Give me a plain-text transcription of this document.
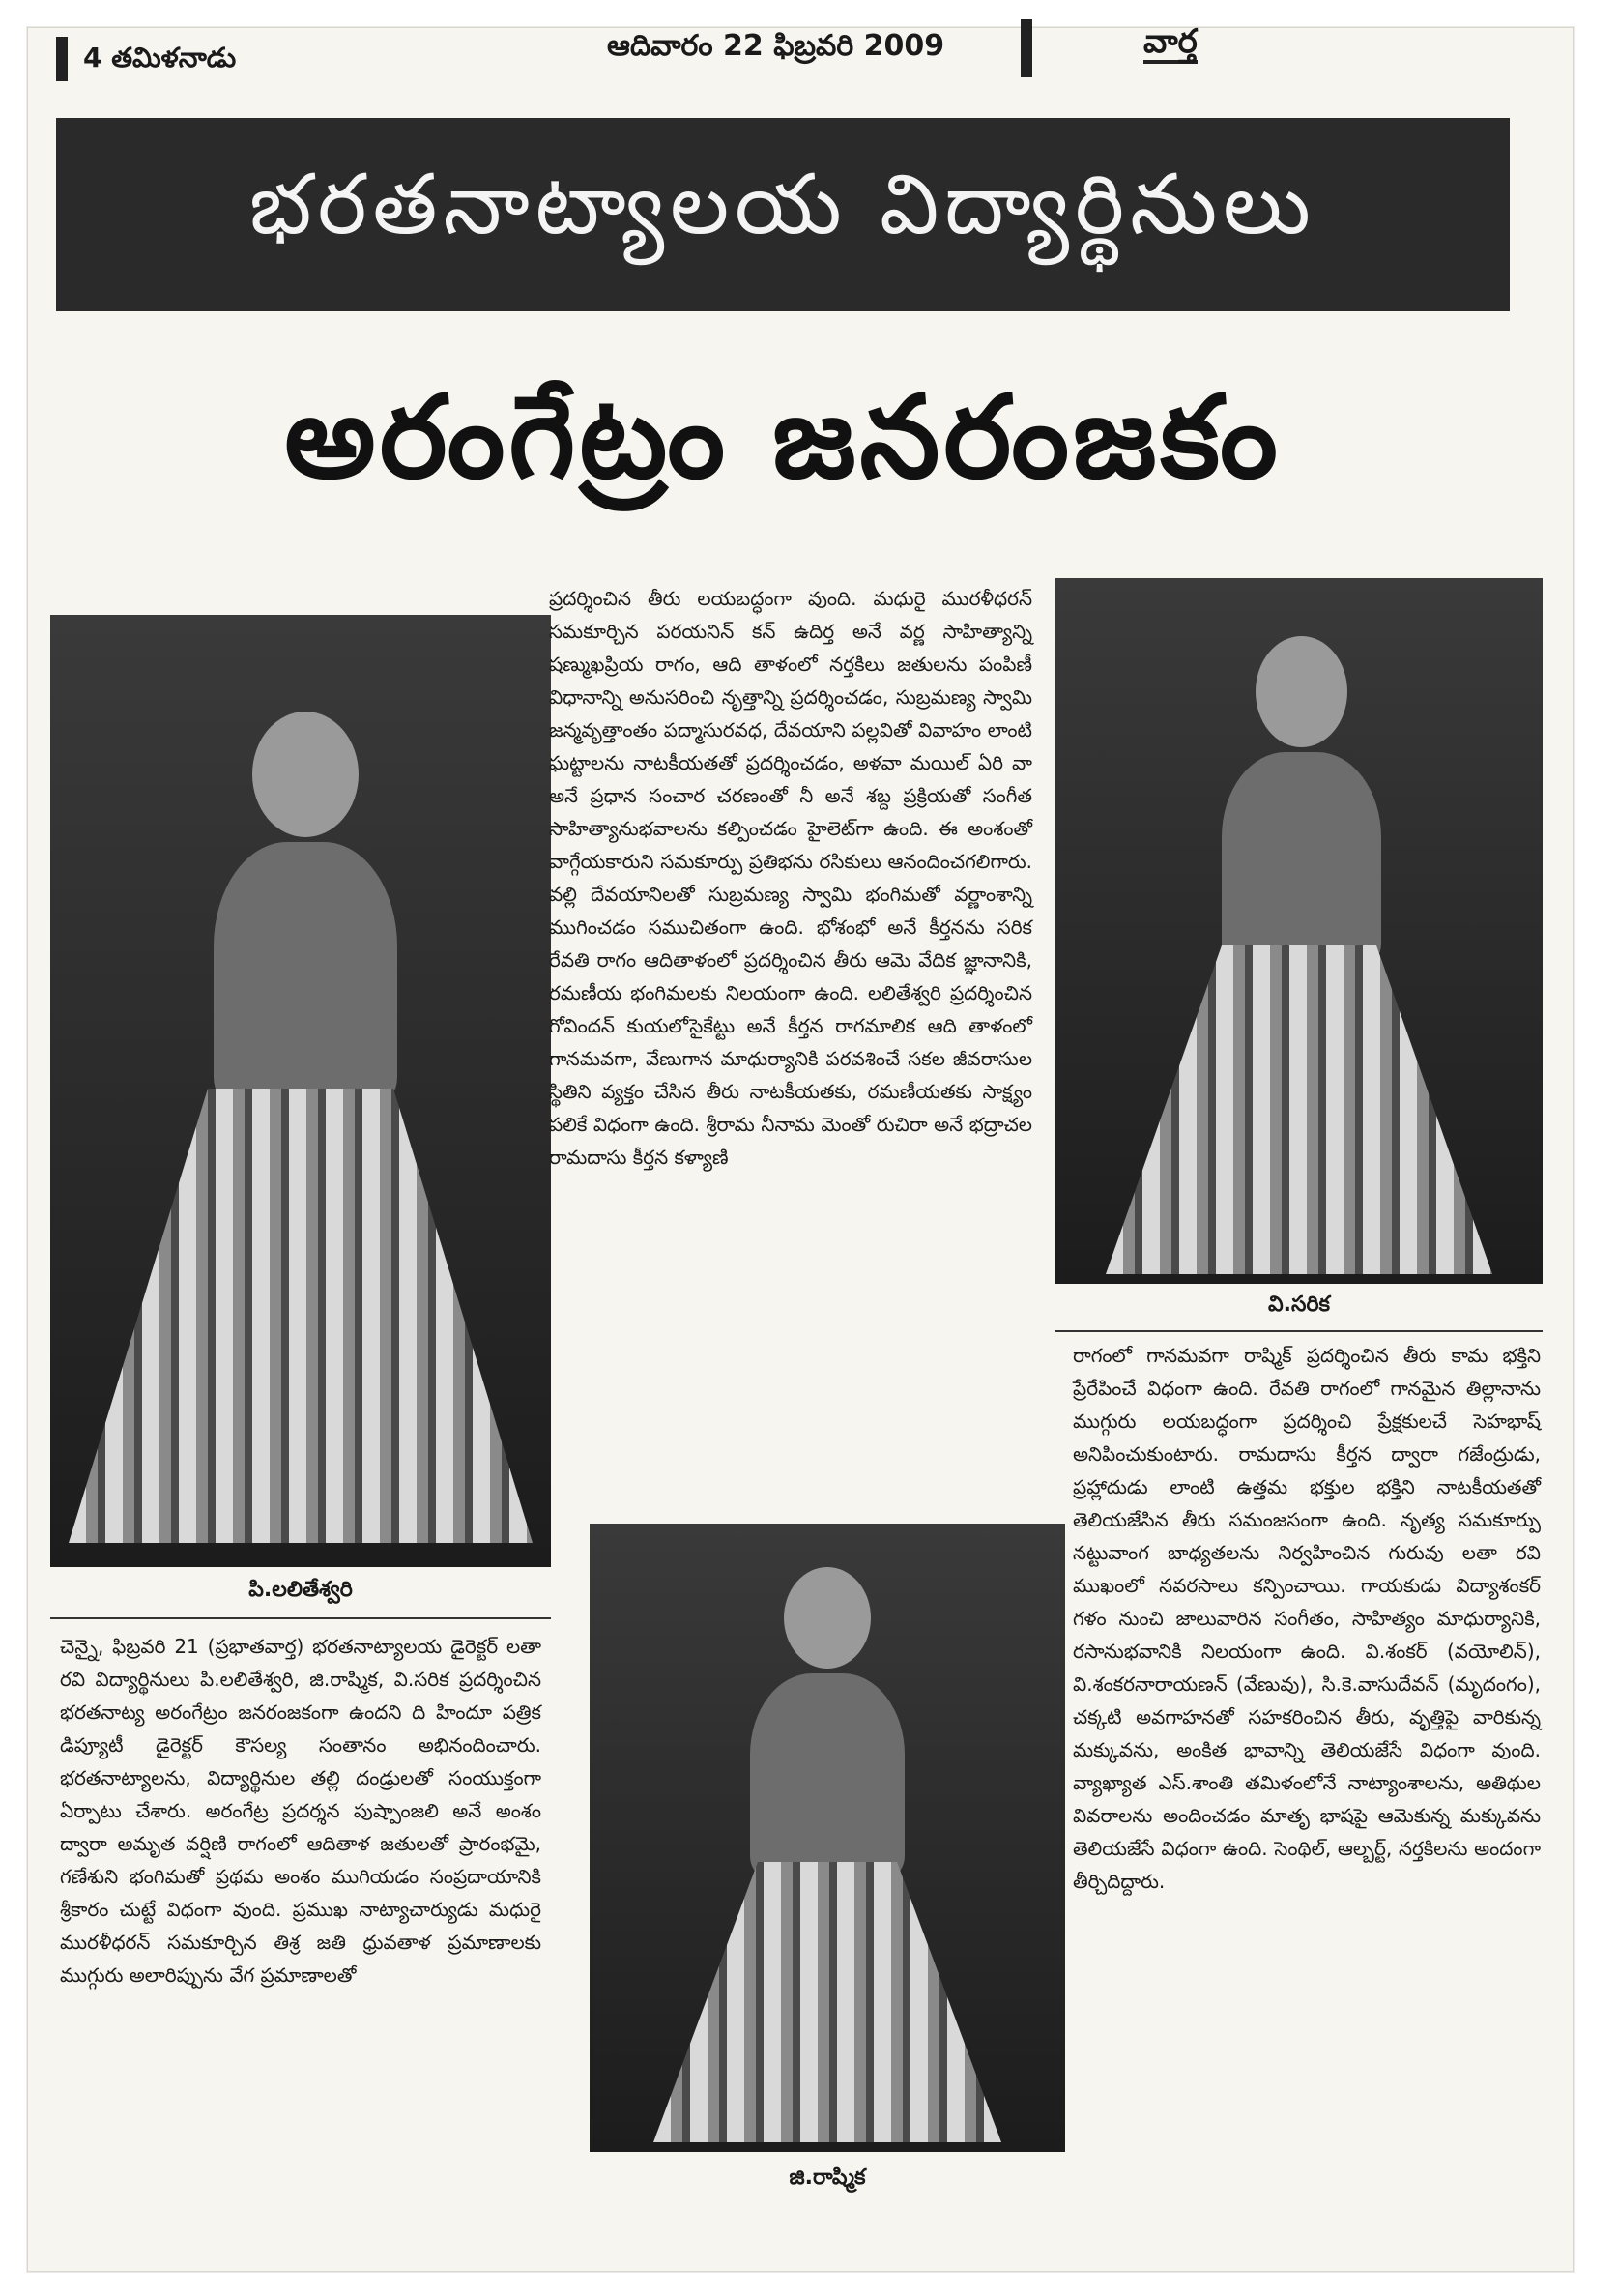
4 తమిళనాడు	ఆదివారం 22 ఫిబ్రవరి 2009	వార్త
భరతనాట్యాలయ విద్యార్థినులు
అరంగేట్రం జనరంజకం
పి.లలితేశ్వరి
వి.సరిక
జి.రాష్మిక

చెన్నై, ఫిబ్రవరి 21 (ప్రభాతవార్త) భరతనాట్యాలయ డైరెక్టర్ లతా రవి విద్యార్థినులు పి.లలితేశ్వరి, జి.రాష్మిక, వి.సరిక ప్రదర్శించిన భరతనాట్య అరంగేట్రం జనరంజకంగా ఉందని ది హిందూ పత్రిక డిప్యూటీ డైరెక్టర్ కౌసల్య సంతానం అభినందించారు. భరతనాట్యాలను, విద్యార్థినుల తల్లి దండ్రులతో సంయుక్తంగా ఏర్పాటు చేశారు. అరంగేట్ర ప్రదర్శన పుష్పాంజలి అనే అంశం ద్వారా అమృత వర్షిణి రాగంలో ఆదితాళ జతులతో ప్రారంభమై, గణేశుని భంగిమతో ప్రథమ అంశం ముగియడం సంప్రదాయానికి శ్రీకారం చుట్టే విధంగా వుంది. ప్రముఖ నాట్యాచార్యుడు మధురై మురళీధరన్ సమకూర్చిన తిశ్ర జతి ధ్రువతాళ ప్రమాణాలకు ముగ్గురు అలారిప్పును వేగ ప్రమాణాలతో

ప్రదర్శించిన తీరు లయబద్ధంగా వుంది. మధురై మురళీధరన్ సమకూర్చిన పరయనిన్ కన్ ఉదిర్త అనే వర్ణ సాహిత్యాన్ని షణ్ముఖప్రియ రాగం, ఆది తాళంలో నర్తకిలు జతులను పంపిణీ విధానాన్ని అనుసరించి నృత్తాన్ని ప్రదర్శించడం, సుబ్రమణ్య స్వామి జన్మవృత్తాంతం పద్మాసురవధ, దేవయాని పల్లవితో వివాహం లాంటి ఘట్టాలను నాటకీయతతో ప్రదర్శించడం, అళవా మయిల్ ఏరి వా అనే ప్రధాన సంచార చరణంతో నీ అనే శబ్ద ప్రక్రియతో సంగీత సాహిత్యానుభవాలను కల్పించడం హైలెట్‌గా ఉంది. ఈ అంశంతో వాగ్గేయకారుని సమకూర్పు ప్రతిభను రసికులు ఆనందించగలిగారు. వల్లి దేవయానిలతో సుబ్రమణ్య స్వామి భంగిమతో వర్ణాంశాన్ని ముగించడం సముచితంగా ఉంది. భోశంభో అనే కీర్తనను సరిక రేవతి రాగం ఆదితాళంలో ప్రదర్శించిన తీరు ఆమె వేదిక జ్ఞానానికి, రమణీయ భంగిమలకు నిలయంగా ఉంది. లలితేశ్వరి ప్రదర్శించిన గోవిందన్ కుయలోసైకేట్టు అనే కీర్తన రాగమాలిక ఆది తాళంలో గానమవగా, వేణుగాన మాధుర్యానికి పరవశించే సకల జీవరాసుల స్థితిని వ్యక్తం చేసిన తీరు నాటకీయతకు, రమణీయతకు సాక్ష్యం పలికే విధంగా ఉంది. శ్రీరామ నీనామ మెంతో రుచిరా అనే భద్రాచల రామదాసు కీర్తన కళ్యాణి

రాగంలో గానమవగా రాష్మిక్ ప్రదర్శించిన తీరు కామ భక్తిని ప్రేరేపించే విధంగా ఉంది. రేవతి రాగంలో గానమైన తిల్లానాను ముగ్గురు లయబద్ధంగా ప్రదర్శించి ప్రేక్షకులచే సెహభాష్ అనిపించుకుంటారు. రామదాసు కీర్తన ద్వారా గజేంద్రుడు, ప్రహ్లాదుడు లాంటి ఉత్తమ భక్తుల భక్తిని నాటకీయతతో తెలియజేసిన తీరు సమంజసంగా ఉంది. నృత్య సమకూర్పు నట్టువాంగ బాధ్యతలను నిర్వహించిన గురువు లతా రవి ముఖంలో నవరసాలు కన్పించాయి. గాయకుడు విద్యాశంకర్ గళం నుంచి జాలువారిన సంగీతం, సాహిత్యం మాధుర్యానికి, రసానుభవానికి నిలయంగా ఉంది. వి.శంకర్ (వయోలిన్), వి.శంకరనారాయణన్ (వేణువు), సి.కె.వాసుదేవన్ (మృదంగం), చక్కటి అవగాహనతో సహకరించిన తీరు, వృత్తిపై వారికున్న మక్కువను, అంకిత భావాన్ని తెలియజేసే విధంగా వుంది. వ్యాఖ్యాత ఎస్.శాంతి తమిళంలోనే నాట్యాంశాలను, అతిథుల వివరాలను అందించడం మాతృ భాషపై ఆమెకున్న మక్కువను తెలియజేసే విధంగా ఉంది. సెంథిల్, ఆల్బర్ట్, నర్తకిలను అందంగా తీర్చిదిద్దారు.
